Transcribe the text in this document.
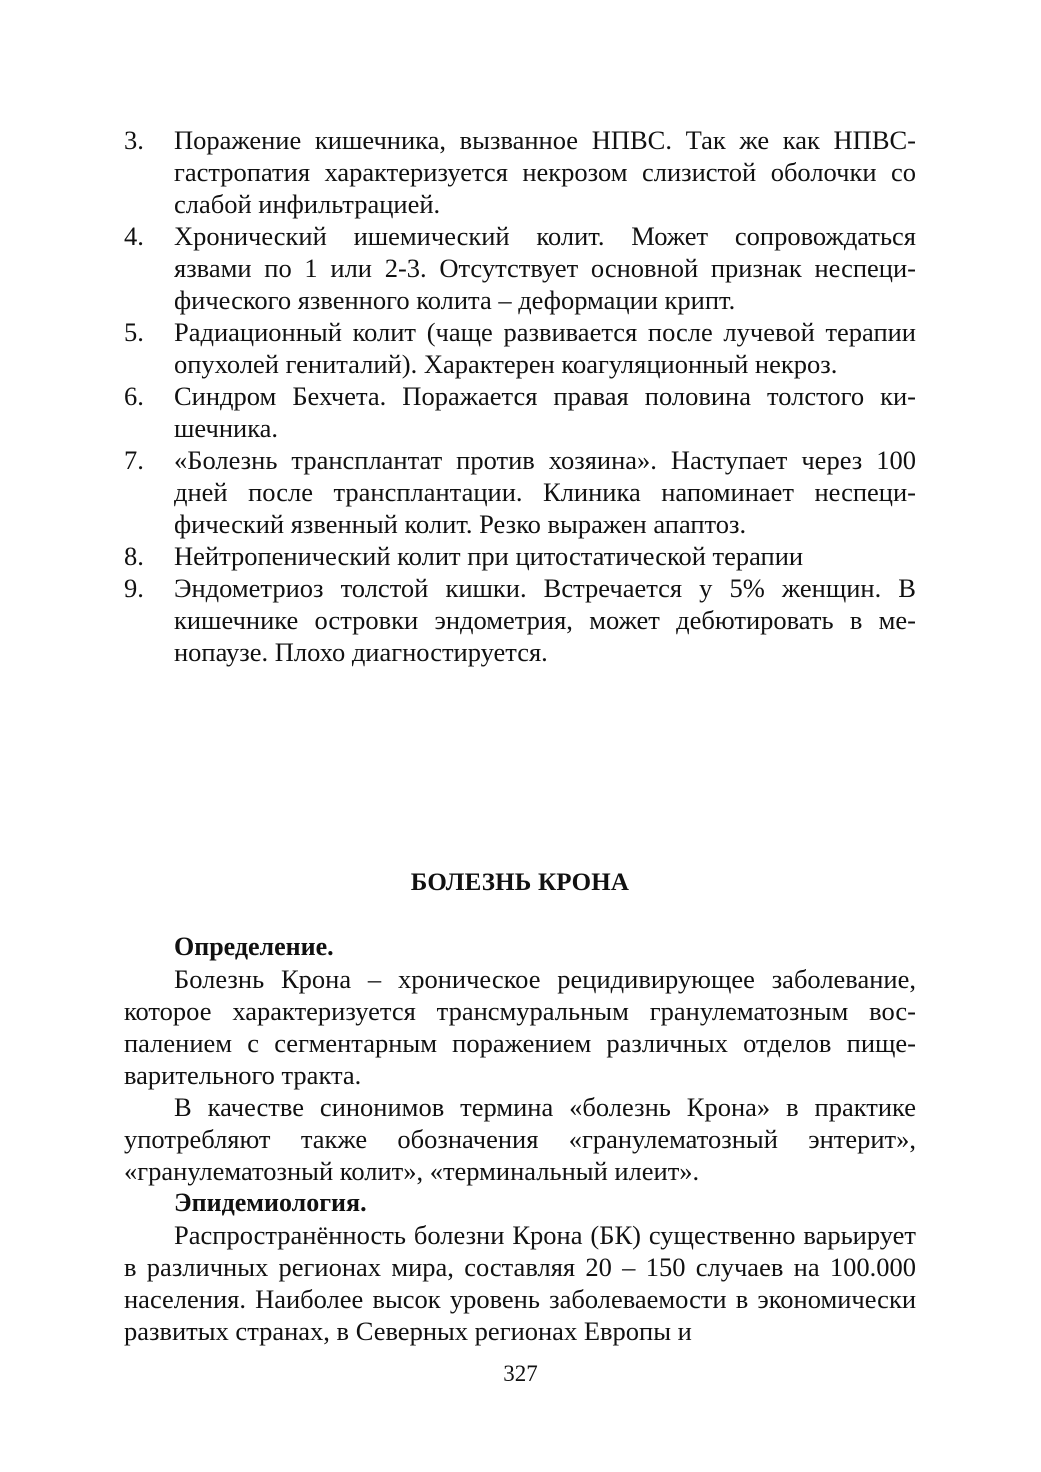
3.	Поражение кишечника, вызванное НПВС. Так же как НПВС-гастропатия характеризуется некрозом слизистой оболочки со слабой инфильтрацией.
4.	Хронический ишемический колит. Может сопровождаться язвами по 1 или 2-3. Отсутствует основной признак неспецифического язвенного колита – деформации крипт.
5.	Радиационный колит (чаще развивается после лучевой терапии опухолей гениталий). Характерен коагуляционный некроз.
6.	Синдром Бехчета. Поражается правая половина толстого кишечника.
7.	«Болезнь трансплантат против хозяина». Наступает через 100 дней после трансплантации. Клиника напоминает неспецифический язвенный колит. Резко выражен апаптоз.
8.	Нейтропенический колит при цитостатической терапии
9.	Эндометриоз толстой кишки. Встречается у 5% женщин. В кишечнике островки эндометрия, может дебютировать в менопаузе. Плохо диагностируется.
БОЛЕЗНЬ КРОНА

Определение.

Болезнь Крона – хроническое рецидивирующее заболевание, которое характеризуется трансмуральным гранулематозным воспалением с сегментарным поражением различных отделов пищеварительного тракта.

В качестве синонимов термина «болезнь Крона» в практике употребляют также обозначения «гранулематозный энтерит», «гранулематозный колит», «терминальный илеит».

Эпидемиология.

Распространённость болезни Крона (БК) существенно варьирует в различных регионах мира, составляя 20 – 150 случаев на 100.000 населения. Наиболее высок уровень заболеваемости в экономически развитых странах, в Северных регионах Европы и

327
